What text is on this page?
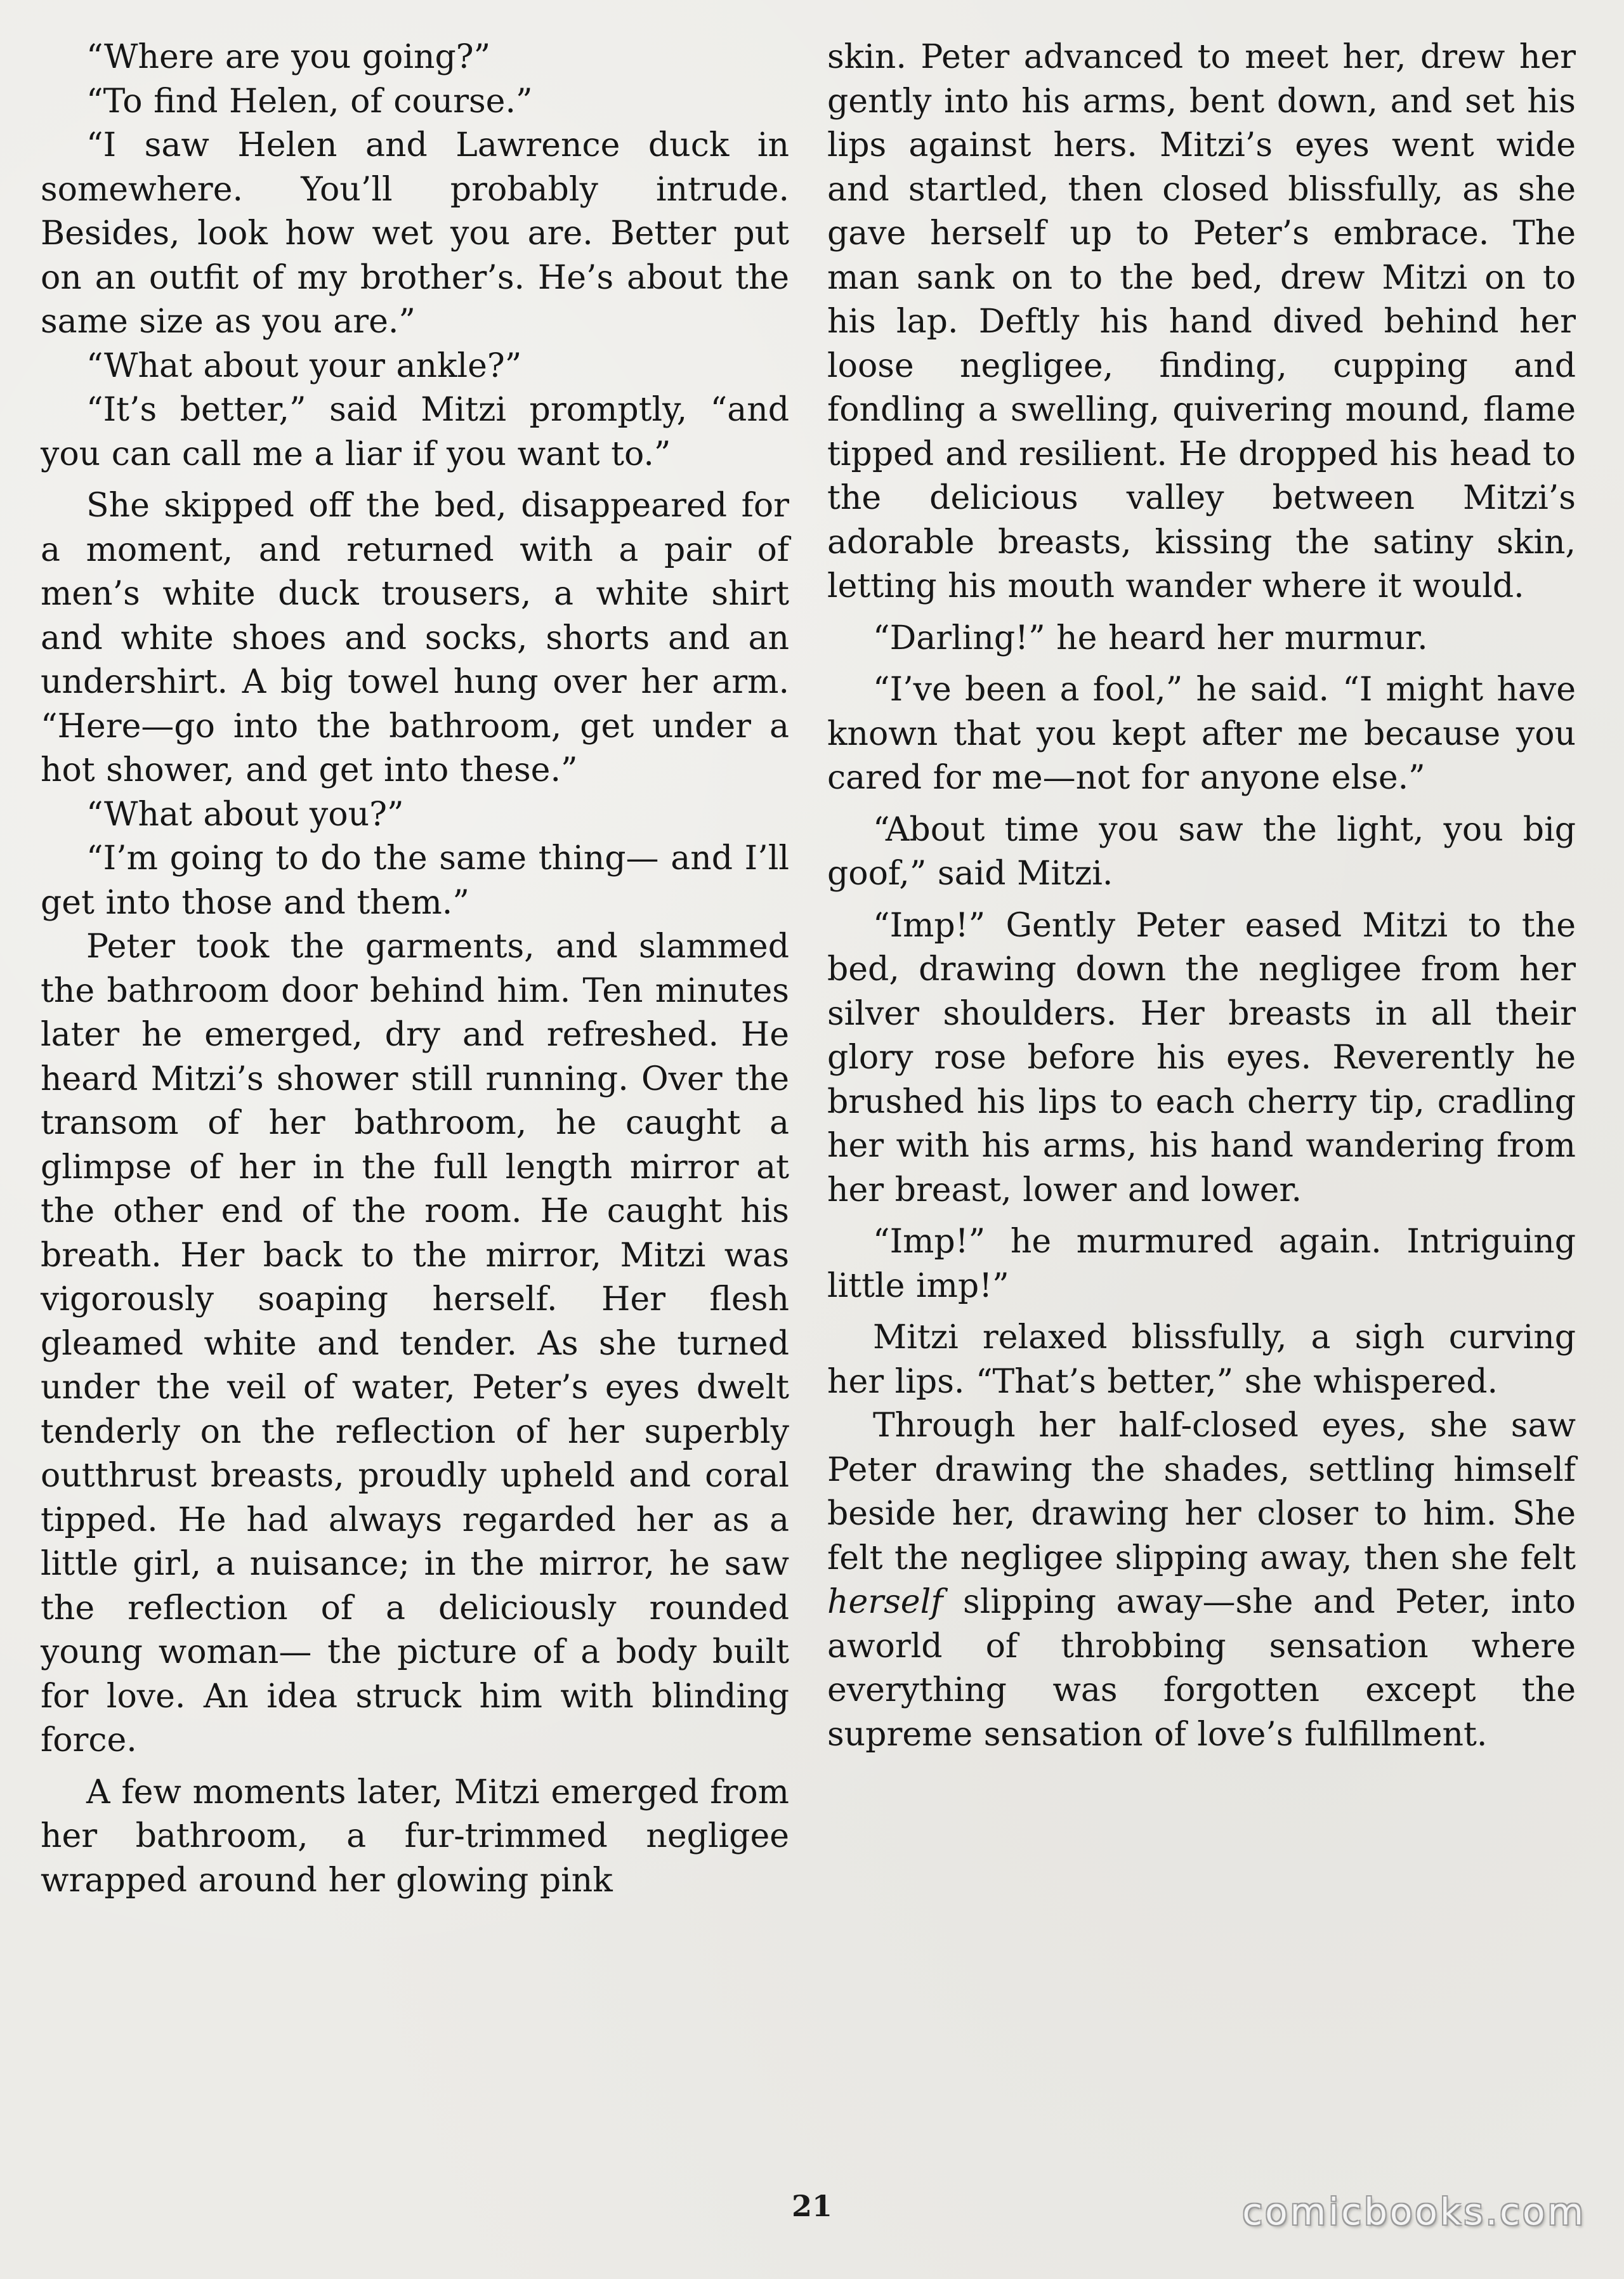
“Where are you going?”

“To find Helen, of course.”

“I saw Helen and Lawrence duck in somewhere. You’ll probably intrude. Besides, look how wet you are. Better put on an outfit of my brother’s. He’s about the same size as you are.”

“What about your ankle?”

“It’s better,” said Mitzi promptly, “and you can call me a liar if you want to.”

She skipped off the bed, disappeared for a moment, and returned with a pair of men’s white duck trousers, a white shirt and white shoes and socks, shorts and an undershirt. A big towel hung over her arm. “Here—go into the bathroom, get under a hot shower, and get into these.”

“What about you?”

“I’m going to do the same thing— and I’ll get into those and them.”

Peter took the garments, and slammed the bathroom door behind him. Ten minutes later he emerged, dry and refreshed. He heard Mitzi’s shower still running. Over the transom of her bathroom, he caught a glimpse of her in the full length mirror at the other end of the room. He caught his breath. Her back to the mirror, Mitzi was vigorously soaping herself. Her flesh gleamed white and tender. As she turned under the veil of water, Peter’s eyes dwelt tenderly on the reflection of her superbly outthrust breasts, proudly upheld and coral tipped. He had always regarded her as a little girl, a nuisance; in the mirror, he saw the reflection of a deliciously rounded young woman— the picture of a body built for love. An idea struck him with blinding force.

A few moments later, Mitzi emerged from her bathroom, a fur-trimmed negligee wrapped around her glowing pink

skin. Peter advanced to meet her, drew her gently into his arms, bent down, and set his lips against hers. Mitzi’s eyes went wide and startled, then closed blissfully, as she gave herself up to Peter’s embrace. The man sank on to the bed, drew Mitzi on to his lap. Deftly his hand dived behind her loose negligee, finding, cupping and fondling a swelling, quivering mound, flame tipped and resilient. He dropped his head to the delicious valley between Mitzi’s adorable breasts, kissing the satiny skin, letting his mouth wander where it would.

“Darling!” he heard her murmur.

“I’ve been a fool,” he said. “I might have known that you kept after me because you cared for me—not for anyone else.”

“About time you saw the light, you big goof,” said Mitzi.

“Imp!” Gently Peter eased Mitzi to the bed, drawing down the negligee from her silver shoulders. Her breasts in all their glory rose before his eyes. Reverently he brushed his lips to each cherry tip, cradling her with his arms, his hand wandering from her breast, lower and lower.

“Imp!” he murmured again. Intriguing little imp!”

Mitzi relaxed blissfully, a sigh curving her lips. “That’s better,” she whispered.

Through her half-closed eyes, she saw Peter drawing the shades, settling himself beside her, drawing her closer to him. She felt the negligee slipping away, then she felt herself slipping away—she and Peter, into aworld of throbbing sensation where everything was forgotten except the supreme sensation of love’s fulfillment.

21	comicbooks.com
